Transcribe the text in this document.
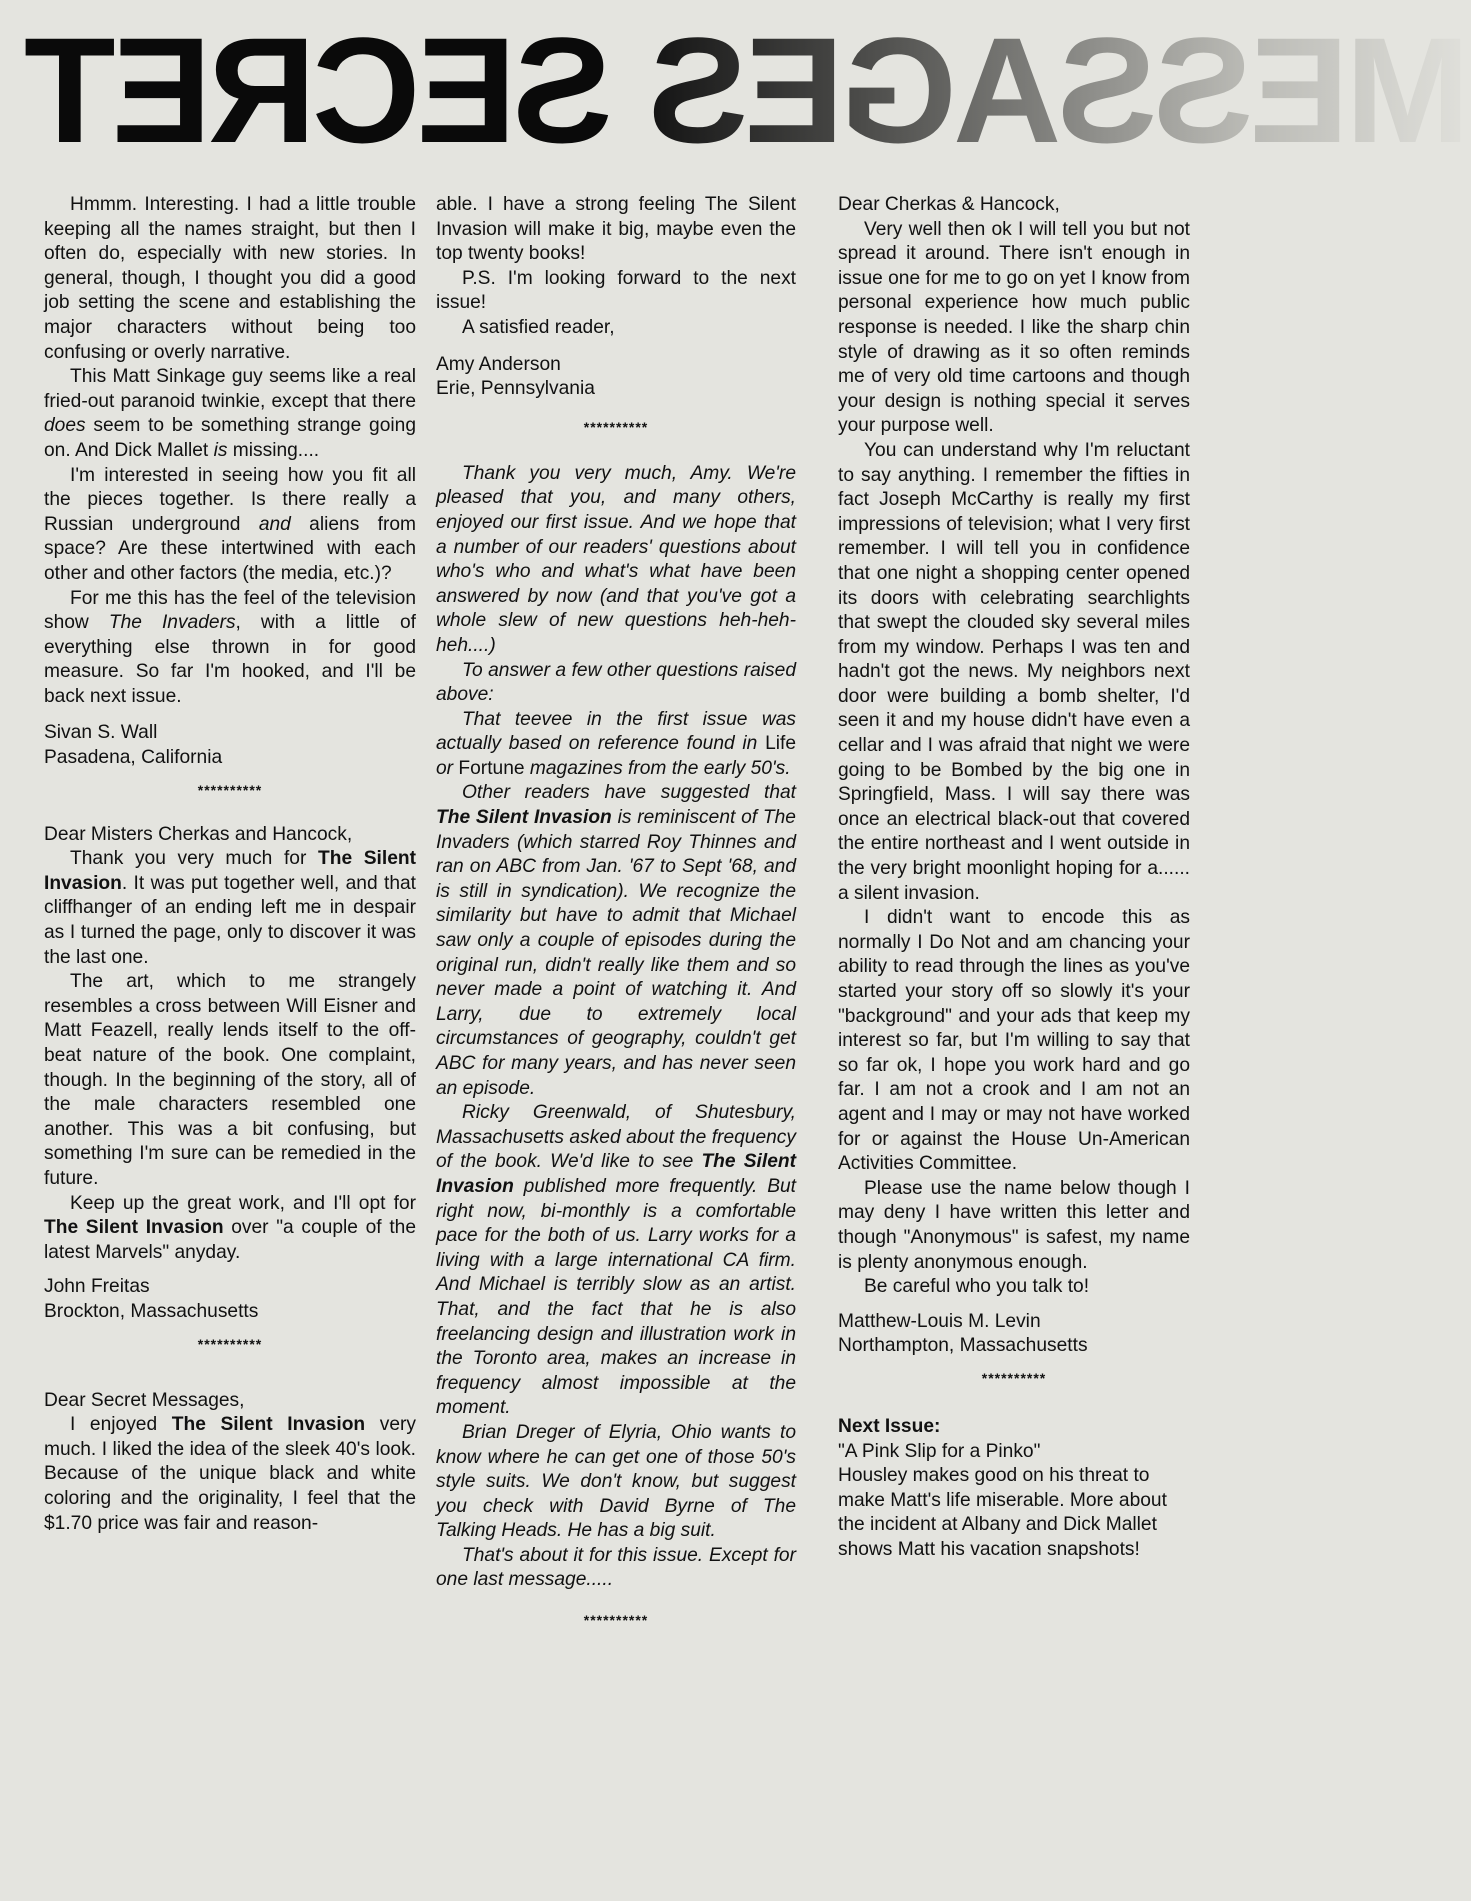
SECRET MESSAGES

Hmmm. Interesting. I had a little trouble keeping all the names straight, but then I often do, especially with new stories. In general, though, I thought you did a good job setting the scene and establishing the major characters without being too confusing or overly narrative.

This Matt Sinkage guy seems like a real fried-out paranoid twinkie, except that there does seem to be something strange going on. And Dick Mallet is missing....

I'm interested in seeing how you fit all the pieces together. Is there really a Russian underground and aliens from space? Are these intertwined with each other and other factors (the media, etc.)?

For me this has the feel of the television show The Invaders, with a little of everything else thrown in for good measure. So far I'm hooked, and I'll be back next issue.

Sivan S. Wall

Pasadena, California

**********

Dear Misters Cherkas and Hancock,

Thank you very much for The Silent Invasion. It was put together well, and that cliffhanger of an ending left me in despair as I turned the page, only to discover it was the last one.

The art, which to me strangely resembles a cross between Will Eisner and Matt Feazell, really lends itself to the off-beat nature of the book. One complaint, though. In the beginning of the story, all of the male characters resembled one another. This was a bit confusing, but something I'm sure can be remedied in the future.

Keep up the great work, and I'll opt for The Silent Invasion over "a couple of the latest Marvels" anyday.

John Freitas

Brockton, Massachusetts

**********

Dear Secret Messages,

I enjoyed The Silent Invasion very much. I liked the idea of the sleek 40's look. Because of the unique black and white coloring and the originality, I feel that the $1.70 price was fair and reason-

able. I have a strong feeling The Silent Invasion will make it big, maybe even the top twenty books!

P.S. I'm looking forward to the next issue!

A satisfied reader,

Amy Anderson

Erie, Pennsylvania

**********

Thank you very much, Amy. We're pleased that you, and many others, enjoyed our first issue. And we hope that a number of our readers' questions about who's who and what's what have been answered by now (and that you've got a whole slew of new questions heh-heh-heh....)

To answer a few other questions raised above:

That teevee in the first issue was actually based on reference found in Life or Fortune magazines from the early 50's.

Other readers have suggested that The Silent Invasion is reminiscent of The Invaders (which starred Roy Thinnes and ran on ABC from Jan. '67 to Sept '68, and is still in syndication). We recognize the similarity but have to admit that Michael saw only a couple of episodes during the original run, didn't really like them and so never made a point of watching it. And Larry, due to extremely local circumstances of geography, couldn't get ABC for many years, and has never seen an episode.

Ricky Greenwald, of Shutesbury, Massachusetts asked about the frequency of the book. We'd like to see The Silent Invasion published more frequently. But right now, bi-monthly is a comfortable pace for the both of us. Larry works for a living with a large international CA firm. And Michael is terribly slow as an artist. That, and the fact that he is also freelancing design and illustration work in the Toronto area, makes an increase in frequency almost impossible at the moment.

Brian Dreger of Elyria, Ohio wants to know where he can get one of those 50's style suits. We don't know, but suggest you check with David Byrne of The Talking Heads. He has a big suit.

That's about it for this issue. Except for one last message.....

**********

Dear Cherkas & Hancock,

Very well then ok I will tell you but not spread it around. There isn't enough in issue one for me to go on yet I know from personal experience how much public response is needed. I like the sharp chin style of drawing as it so often reminds me of very old time cartoons and though your design is nothing special it serves your purpose well.

You can understand why I'm reluctant to say anything. I remember the fifties in fact Joseph McCarthy is really my first impressions of television; what I very first remember. I will tell you in confidence that one night a shopping center opened its doors with celebrating searchlights that swept the clouded sky several miles from my window. Perhaps I was ten and hadn't got the news. My neighbors next door were building a bomb shelter, I'd seen it and my house didn't have even a cellar and I was afraid that night we were going to be Bombed by the big one in Springfield, Mass. I will say there was once an electrical black-out that covered the entire northeast and I went outside in the very bright moonlight hoping for a...... a silent invasion.

I didn't want to encode this as normally I Do Not and am chancing your ability to read through the lines as you've started your story off so slowly it's your "background" and your ads that keep my interest so far, but I'm willing to say that so far ok, I hope you work hard and go far. I am not a crook and I am not an agent and I may or may not have worked for or against the House Un-American Activities Committee.

Please use the name below though I may deny I have written this letter and though "Anonymous" is safest, my name is plenty anonymous enough.

Be careful who you talk to!

Matthew-Louis M. Levin

Northampton, Massachusetts

**********

Next Issue:

"A Pink Slip for a Pinko"

Housley makes good on his threat to make Matt's life miserable. More about the incident at Albany and Dick Mallet shows Matt his vacation snapshots!
